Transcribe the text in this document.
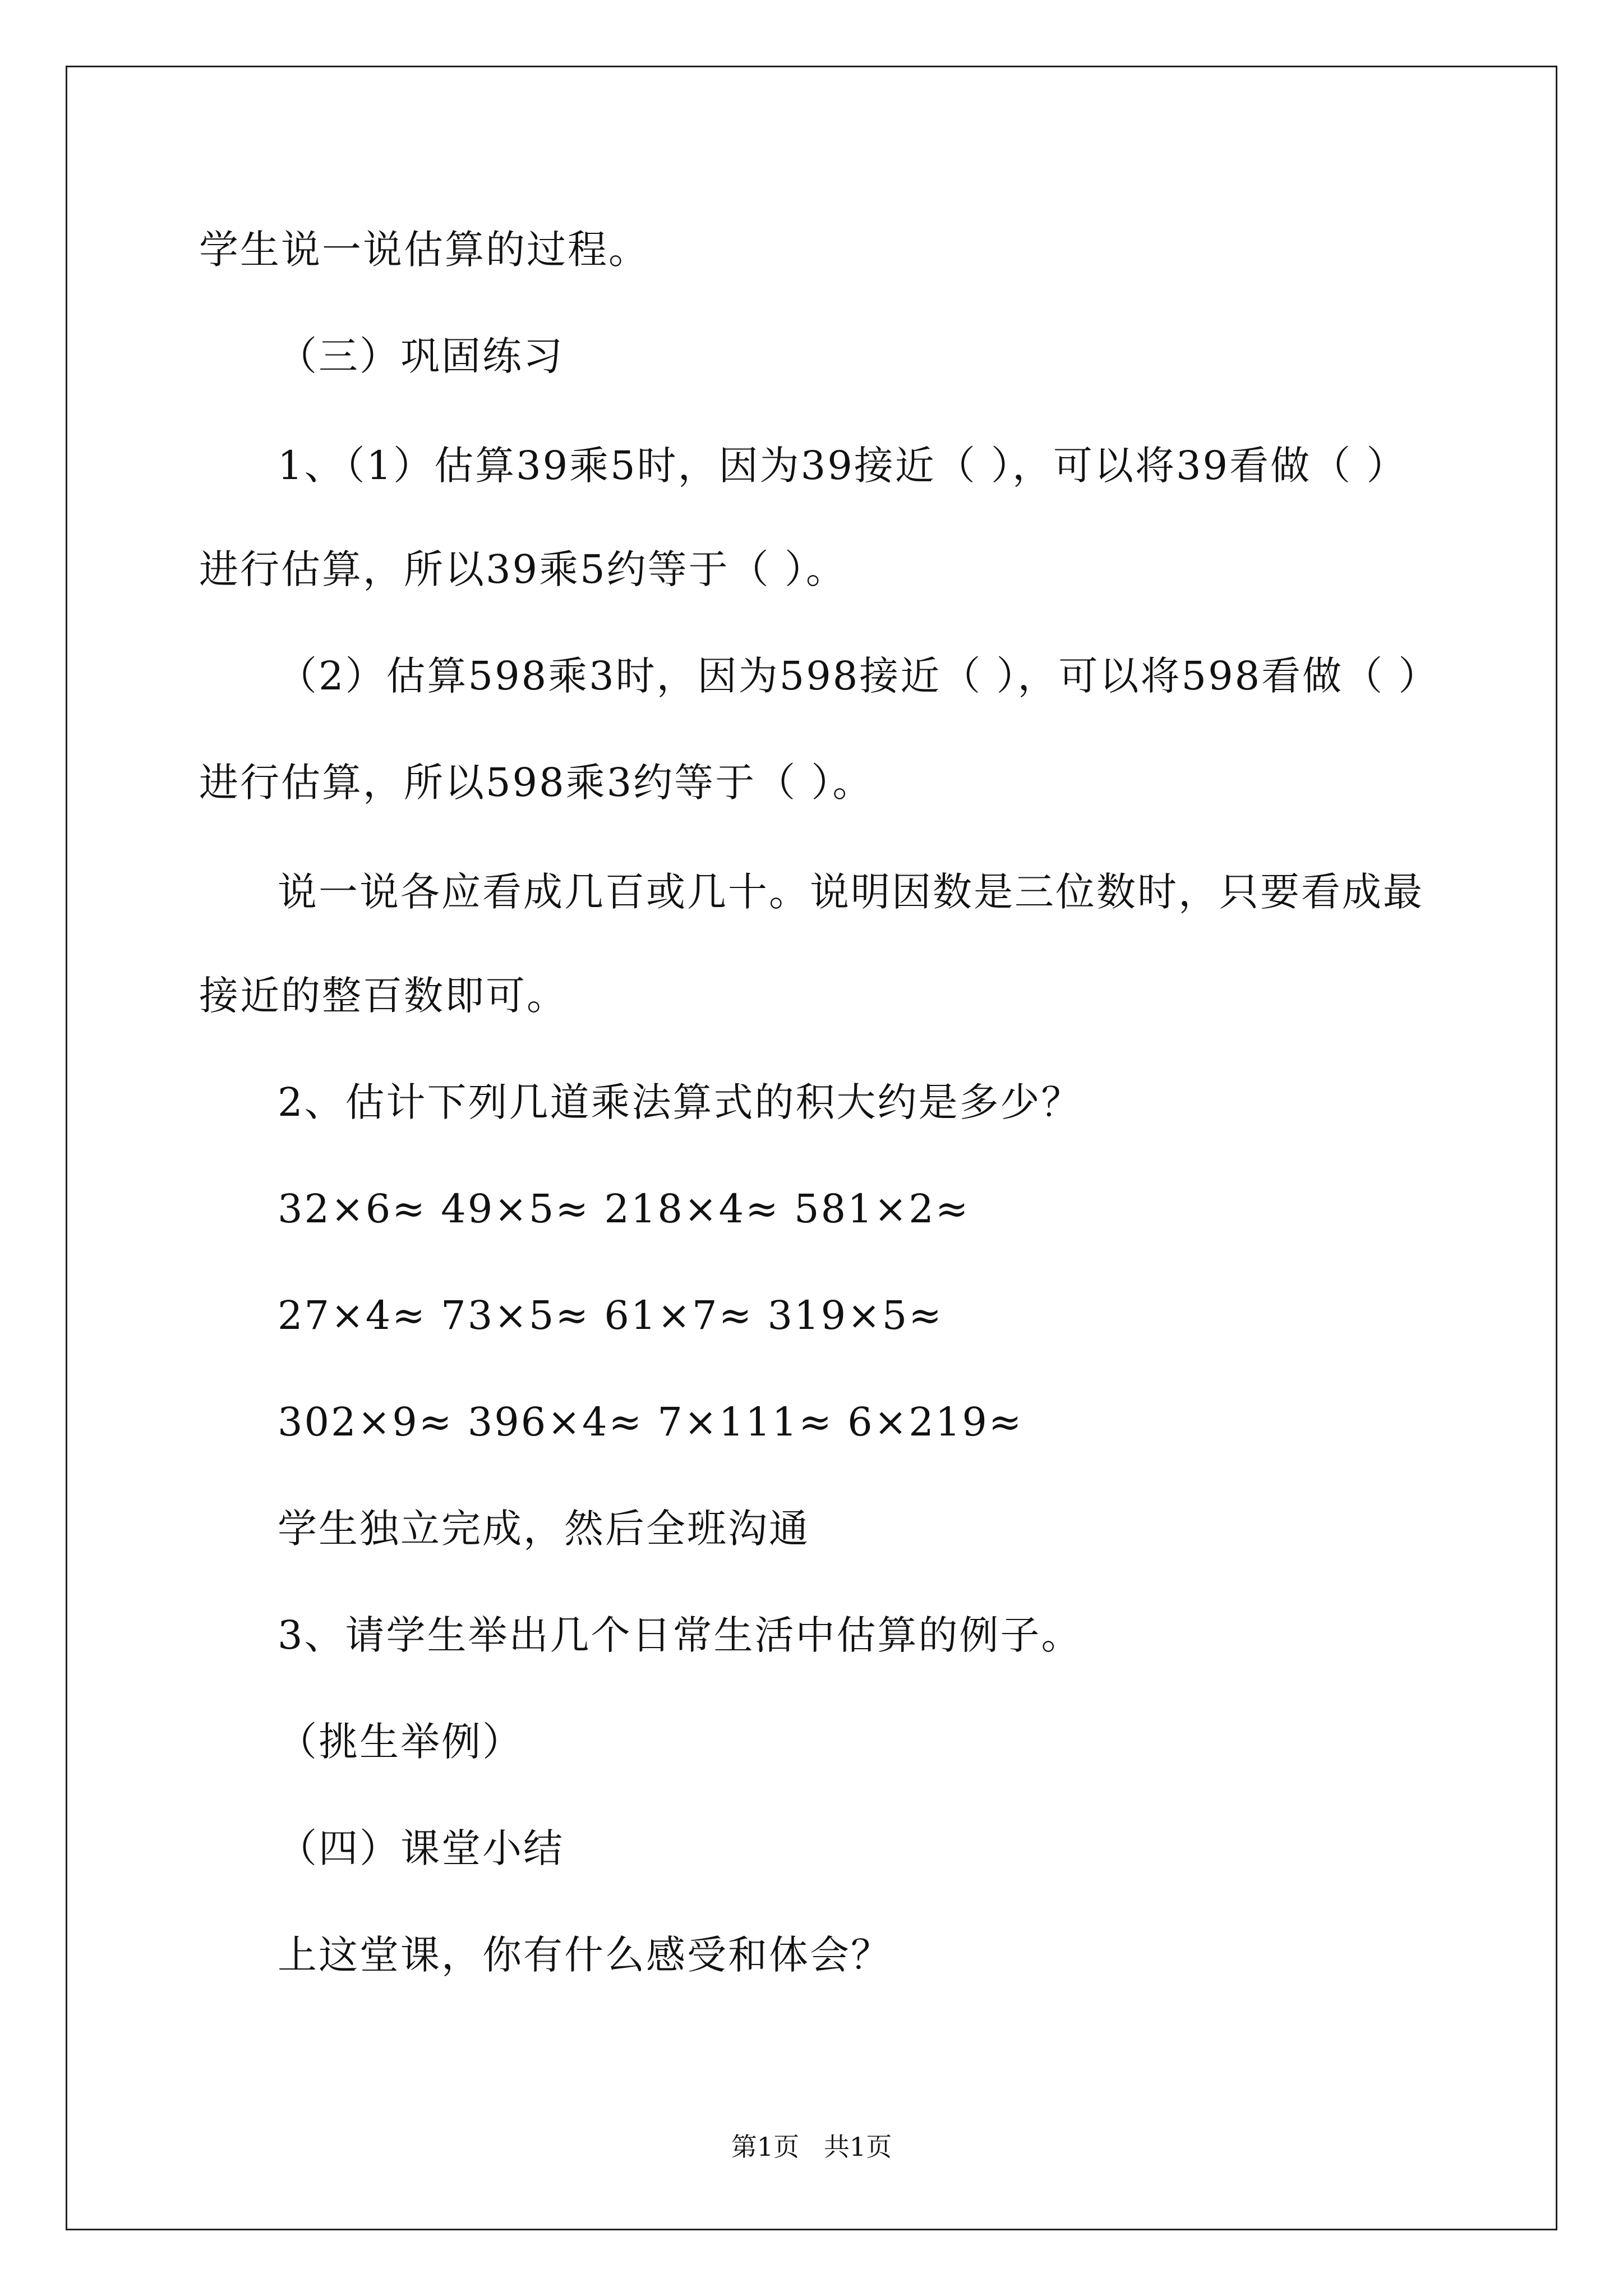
学生说一说估算的过程。
（三）巩固练习
1、（1）估算39乘5时，因为39接近（ ），可以将39看做（ ）
进行估算，所以39乘5约等于（ ）。
（2）估算598乘3时，因为598接近（ ），可以将598看做（ ）
进行估算，所以598乘3约等于（ ）。
说一说各应看成几百或几十。说明因数是三位数时，只要看成最
接近的整百数即可。
2、估计下列几道乘法算式的积大约是多少？
32×6≈ 49×5≈ 218×4≈ 581×2≈
27×4≈ 73×5≈ 61×7≈ 319×5≈
302×9≈ 396×4≈ 7×111≈ 6×219≈
学生独立完成，然后全班沟通
3、请学生举出几个日常生活中估算的例子。
（挑生举例）
（四）课堂小结
上这堂课，你有什么感受和体会？
第1页   共1页
